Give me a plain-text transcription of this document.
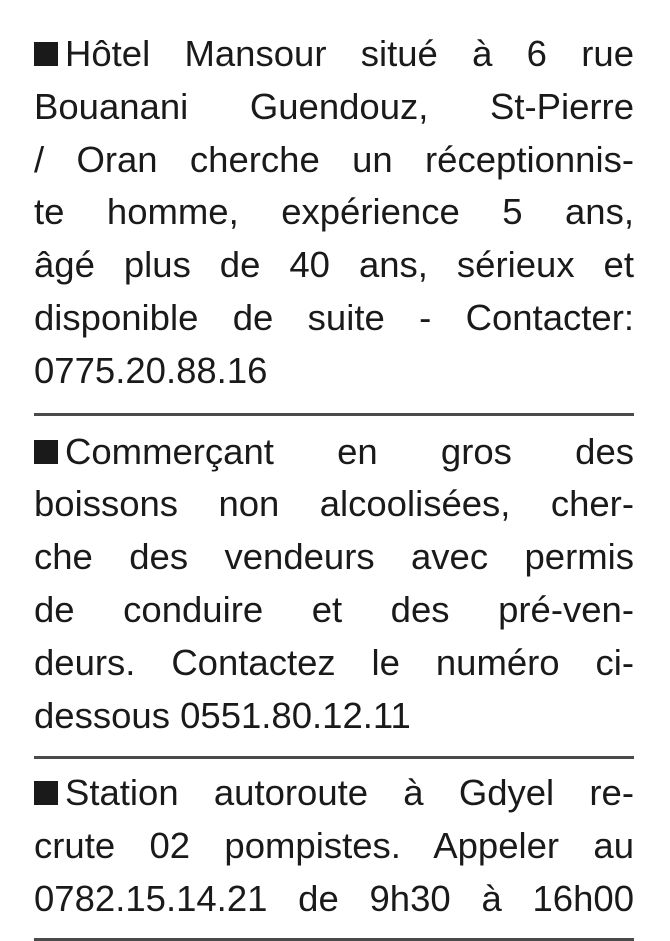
Hôtel Mansour situé à 6 rue
Bouanani Guendouz, St-Pierre
/ Oran cherche un réceptionnis-
te homme, expérience 5 ans,
âgé plus de 40 ans, sérieux et
disponible de suite - Contacter:
0775.20.88.16
Commerçant en gros des
boissons non alcoolisées, cher-
che des vendeurs avec permis
de conduire et des pré-ven-
deurs. Contactez le numéro ci-
dessous 0551.80.12.11
Station autoroute à Gdyel re-
crute 02 pompistes. Appeler au
0782.15.14.21 de 9h30 à 16h00
